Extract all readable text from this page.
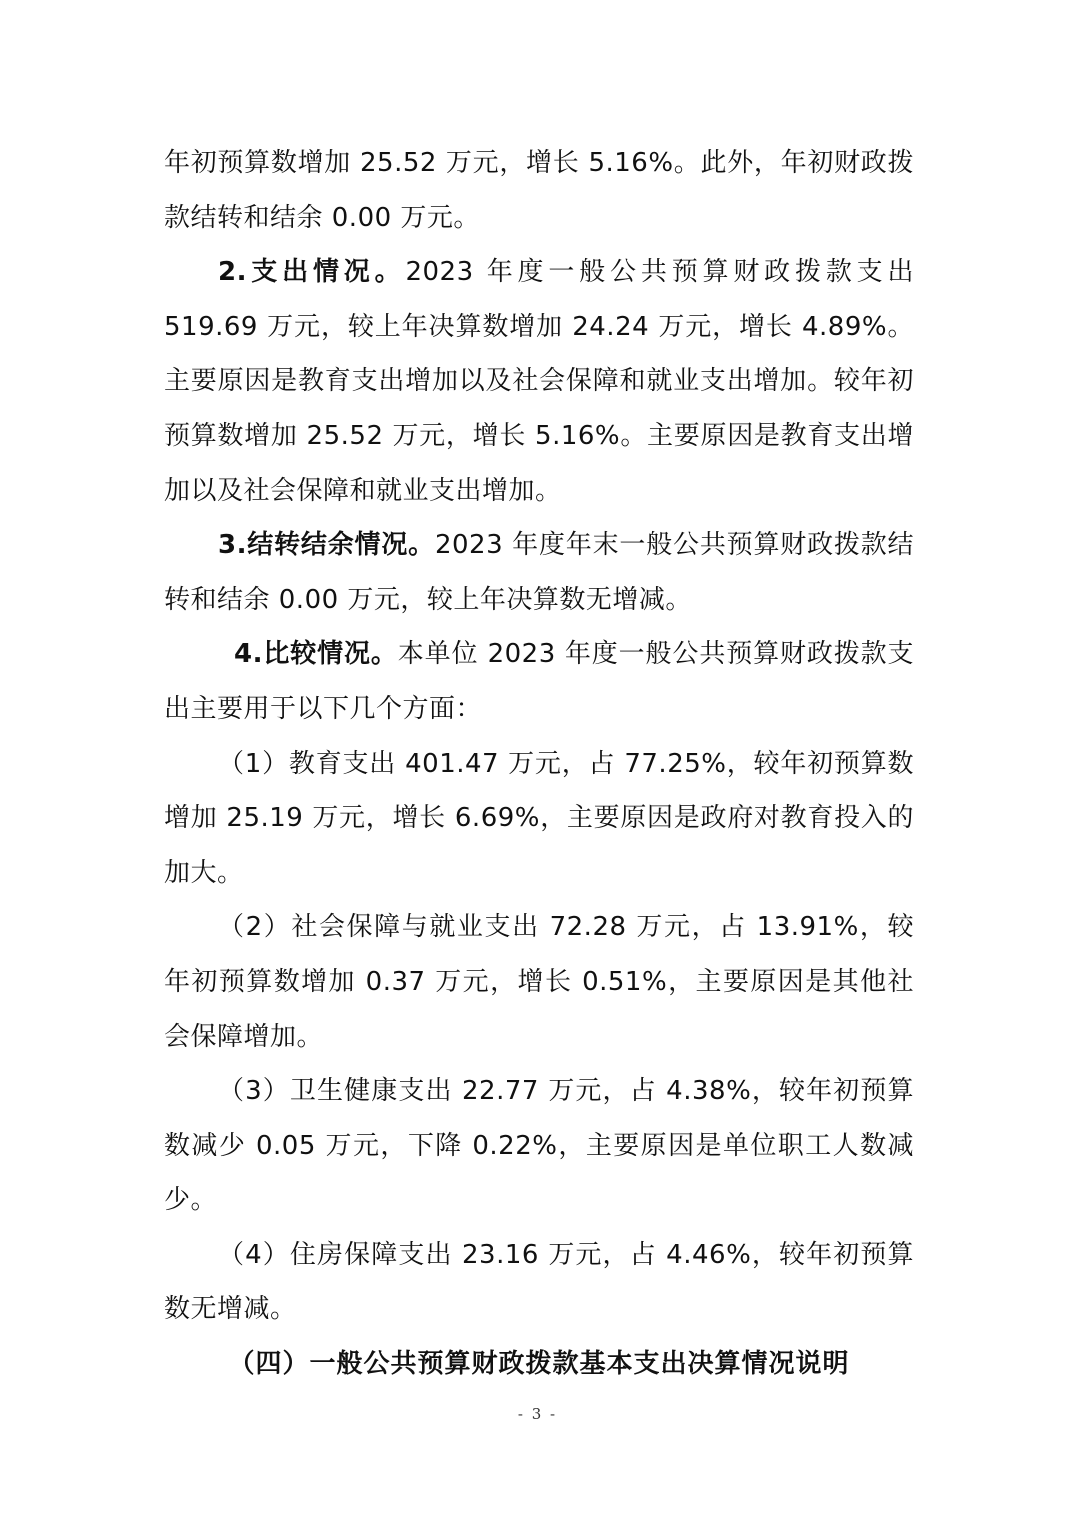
年初预算数增加 25.52 万元，增长 5.16%。此外，年初财政拨款结转和结余 0.00 万元。

2.支出情况。2023 年度一般公共预算财政拨款支出 519.69 万元，较上年决算数增加 24.24 万元，增长 4.89%。主要原因是教育支出增加以及社会保障和就业支出增加。较年初预算数增加 25.52 万元，增长 5.16%。主要原因是教育支出增加以及社会保障和就业支出增加。

3.结转结余情况。2023 年度年末一般公共预算财政拨款结转和结余 0.00 万元，较上年决算数无增减。

4.比较情况。本单位 2023 年度一般公共预算财政拨款支出主要用于以下几个方面：

（1）教育支出 401.47 万元，占 77.25%，较年初预算数增加 25.19 万元，增长 6.69%，主要原因是政府对教育投入的加大。

（2）社会保障与就业支出 72.28 万元，占 13.91%，较年初预算数增加 0.37 万元，增长 0.51%，主要原因是其他社会保障增加。

（3）卫生健康支出 22.77 万元，占 4.38%，较年初预算数减少 0.05 万元，下降 0.22%，主要原因是单位职工人数减少。

（4）住房保障支出 23.16 万元，占 4.46%，较年初预算数无增减。

（四）一般公共预算财政拨款基本支出决算情况说明

- 3 -
